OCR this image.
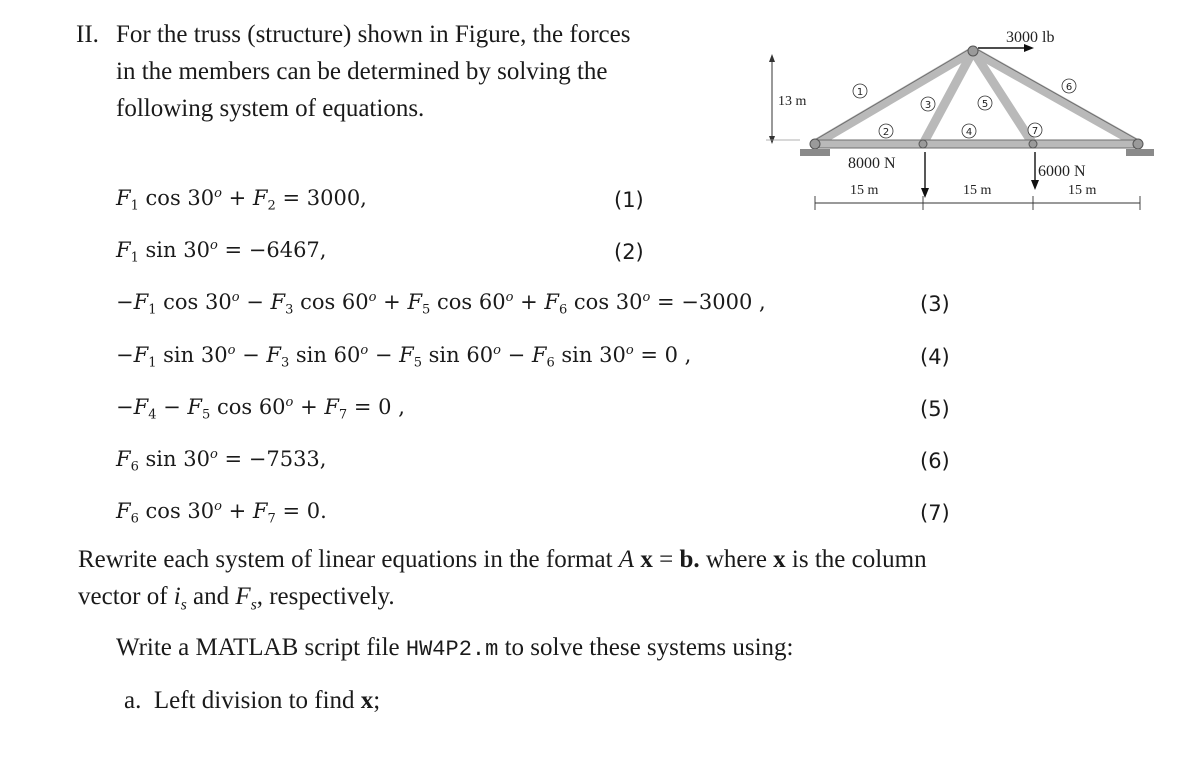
II. For the truss (structure) shown in Figure, the forces
in the members can be determined by solving the
following system of equations.	13 m
1
2
3
4
5
6
7
3000 lb
8000 N	6000 N
15 m	15 m	15 m
$F_1$ $\cos 30^o + F_2 = 3000$,	(1)
$F_1$ $\sin 30^o = -6467$,	(2)
$-F_1$ $\cos 30^o - F_3$ $\cos 60^o + F_5$ $\cos 60^o + F_6$ $\cos 30^o = -3000$ ,	(3)
$-F_1$ $\sin 30^o - F_3$ $\sin 60^o - F_5$ $\sin 60^o - F_6$ $\sin 30^o = 0$ ,	(4)
$-F_4 - F_5$ $\cos 60^o + F_7 = 0$ ,	(5)
$F_6$ $\sin 30^o = -7533$,	(6)
$F_6$ $\cos 30^o + F_7 = 0$.	(7)
Rewrite each system of linear equations in the format A x = b. where x is the column
vector of $i_s$ and $F_s$, respectively.
Write a MATLAB script file HW4P2.m to solve these systems using:
a. Left division to find x;
